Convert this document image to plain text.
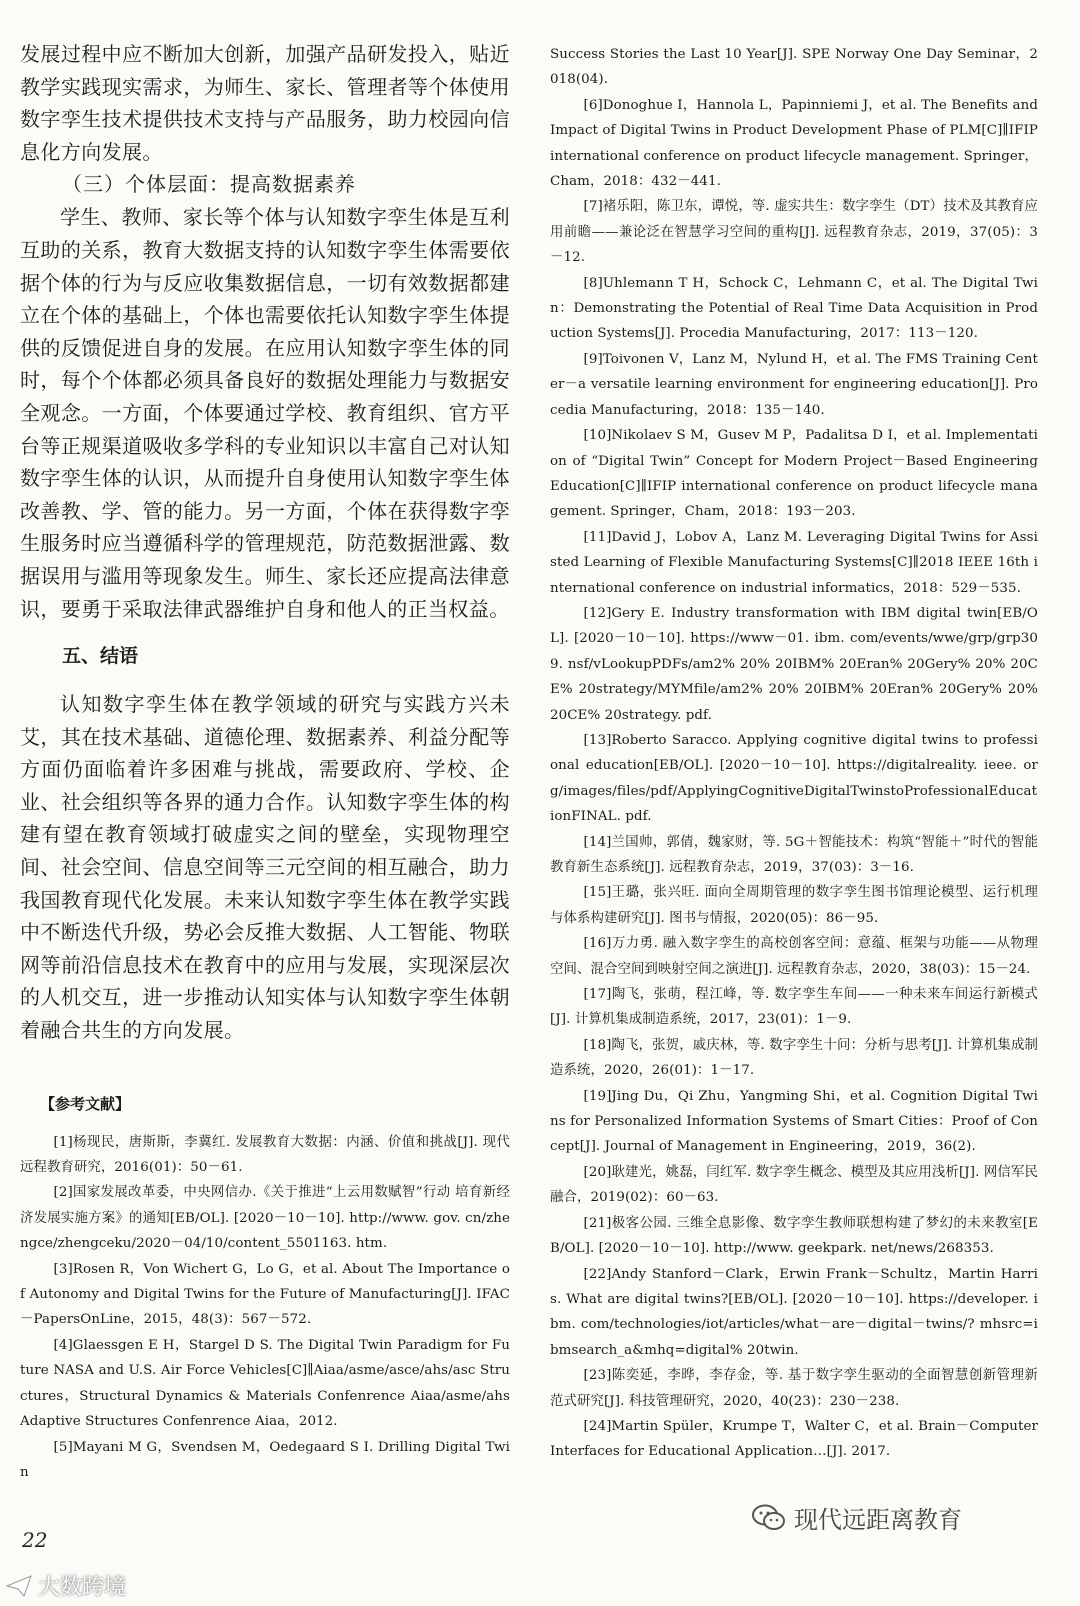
发展过程中应不断加大创新，加强产品研发投入，贴近教学实践现实需求，为师生、家长、管理者等个体使用数字孪生技术提供技术支持与产品服务，助力校园向信息化方向发展。

（三）个体层面：提高数据素养

学生、教师、家长等个体与认知数字孪生体是互利互助的关系，教育大数据支持的认知数字孪生体需要依据个体的行为与反应收集数据信息，一切有效数据都建立在个体的基础上，个体也需要依托认知数字孪生体提供的反馈促进自身的发展。在应用认知数字孪生体的同时，每个个体都必须具备良好的数据处理能力与数据安全观念。一方面，个体要通过学校、教育组织、官方平台等正规渠道吸收多学科的专业知识以丰富自己对认知数字孪生体的认识，从而提升自身使用认知数字孪生体改善教、学、管的能力。另一方面，个体在获得数字孪生服务时应当遵循科学的管理规范，防范数据泄露、数据误用与滥用等现象发生。师生、家长还应提高法律意识，要勇于采取法律武器维护自身和他人的正当权益。

五、结语

认知数字孪生体在教学领域的研究与实践方兴未艾，其在技术基础、道德伦理、数据素养、利益分配等方面仍面临着许多困难与挑战，需要政府、学校、企业、社会组织等各界的通力合作。认知数字孪生体的构建有望在教育领域打破虚实之间的壁垒，实现物理空间、社会空间、信息空间等三元空间的相互融合，助力我国教育现代化发展。未来认知数字孪生体在教学实践中不断迭代升级，势必会反推大数据、人工智能、物联网等前沿信息技术在教育中的应用与发展，实现深层次的人机交互，进一步推动认知实体与认知数字孪生体朝着融合共生的方向发展。

【参考文献】

[1]杨现民，唐斯斯，李冀红. 发展教育大数据：内涵、价值和挑战[J]. 现代远程教育研究，2016(01)：50－61.

[2]国家发展改革委，中央网信办.《关于推进“上云用数赋智”行动 培育新经济发展实施方案》的通知[EB/OL]. [2020－10－10]. http://www. gov. cn/zhengce/zhengceku/2020－04/10/content_5501163. htm.

[3]Rosen R，Von Wichert G，Lo G，et al. About The Importance of Autonomy and Digital Twins for the Future of Manufacturing[J]. IFAC－PapersOnLine，2015，48(3)：567－572.

[4]Glaessgen E H，Stargel D S. The Digital Twin Paradigm for Future NASA and U.S. Air Force Vehicles[C]∥Aiaa/asme/asce/ahs/asc Structures，Structural Dynamics & Materials Confenrence Aiaa/asme/ahs Adaptive Structures Confenrence Aiaa，2012.

[5]Mayani M G，Svendsen M，Oedegaard S I. Drilling Digital Twin

Success Stories the Last 10 Year[J]. SPE Norway One Day Seminar，2018(04).

[6]Donoghue I，Hannola L，Papinniemi J，et al. The Benefits and Impact of Digital Twins in Product Development Phase of PLM[C]∥IFIP international conference on product lifecycle management. Springer，Cham，2018：432－441.

[7]褚乐阳，陈卫东，谭悦，等. 虚实共生：数字孪生（DT）技术及其教育应用前瞻——兼论泛在智慧学习空间的重构[J]. 远程教育杂志，2019，37(05)：3－12.

[8]Uhlemann T H，Schock C，Lehmann C，et al. The Digital Twin：Demonstrating the Potential of Real Time Data Acquisition in Production Systems[J]. Procedia Manufacturing，2017：113－120.

[9]Toivonen V，Lanz M，Nylund H，et al. The FMS Training Center－a versatile learning environment for engineering education[J]. Procedia Manufacturing，2018：135－140.

[10]Nikolaev S M，Gusev M P，Padalitsa D I，et al. Implementation of “Digital Twin” Concept for Modern Project－Based Engineering Education[C]∥IFIP international conference on product lifecycle management. Springer，Cham，2018：193－203.

[11]David J，Lobov A，Lanz M. Leveraging Digital Twins for Assisted Learning of Flexible Manufacturing Systems[C]∥2018 IEEE 16th international conference on industrial informatics，2018：529－535.

[12]Gery E. Industry transformation with IBM digital twin[EB/OL]. [2020－10－10]. https://www－01. ibm. com/events/wwe/grp/grp309. nsf/vLookupPDFs/am2% 20% 20IBM% 20Eran% 20Gery% 20% 20CE% 20strategy/MYMfile/am2% 20% 20IBM% 20Eran% 20Gery% 20% 20CE% 20strategy. pdf.

[13]Roberto Saracco. Applying cognitive digital twins to professional education[EB/OL]. [2020－10－10]. https://digitalreality. ieee. org/images/files/pdf/ApplyingCognitiveDigitalTwinstoProfessionalEducationFINAL. pdf.

[14]兰国帅，郭倩，魏家财，等. 5G＋智能技术：构筑“智能＋”时代的智能教育新生态系统[J]. 远程教育杂志，2019，37(03)：3－16.

[15]王璐，张兴旺. 面向全周期管理的数字孪生图书馆理论模型、运行机理与体系构建研究[J]. 图书与情报，2020(05)：86－95.

[16]万力勇. 融入数字孪生的高校创客空间：意蕴、框架与功能——从物理空间、混合空间到映射空间之演进[J]. 远程教育杂志，2020，38(03)：15－24.

[17]陶飞，张萌，程江峰，等. 数字孪生车间——一种未来车间运行新模式[J]. 计算机集成制造系统，2017，23(01)：1－9.

[18]陶飞，张贺，戚庆林，等. 数字孪生十问：分析与思考[J]. 计算机集成制造系统，2020，26(01)：1－17.

[19]Jing Du，Qi Zhu，Yangming Shi，et al. Cognition Digital Twins for Personalized Information Systems of Smart Cities：Proof of Concept[J]. Journal of Management in Engineering，2019，36(2).

[20]耿建光，姚磊，闫红军. 数字孪生概念、模型及其应用浅析[J]. 网信军民融合，2019(02)：60－63.

[21]极客公园. 三维全息影像、数字孪生教师联想构建了梦幻的未来教室[EB/OL]. [2020－10－10]. http://www. geekpark. net/news/268353.

[22]Andy Stanford－Clark，Erwin Frank－Schultz，Martin Harris. What are digital twins?[EB/OL]. [2020－10－10]. https://developer. ibm. com/technologies/iot/articles/what－are－digital－twins/? mhsrc=ibmsearch_a&mhq=digital% 20twin.

[23]陈奕延，李晔，李存金，等. 基于数字孪生驱动的全面智慧创新管理新范式研究[J]. 科技管理研究，2020，40(23)：230－238.

[24]Martin Spüler，Krumpe T，Walter C，et al. Brain－Computer Interfaces for Educational Application…[J]. 2017.

22
大数跨境
现代远距离教育
